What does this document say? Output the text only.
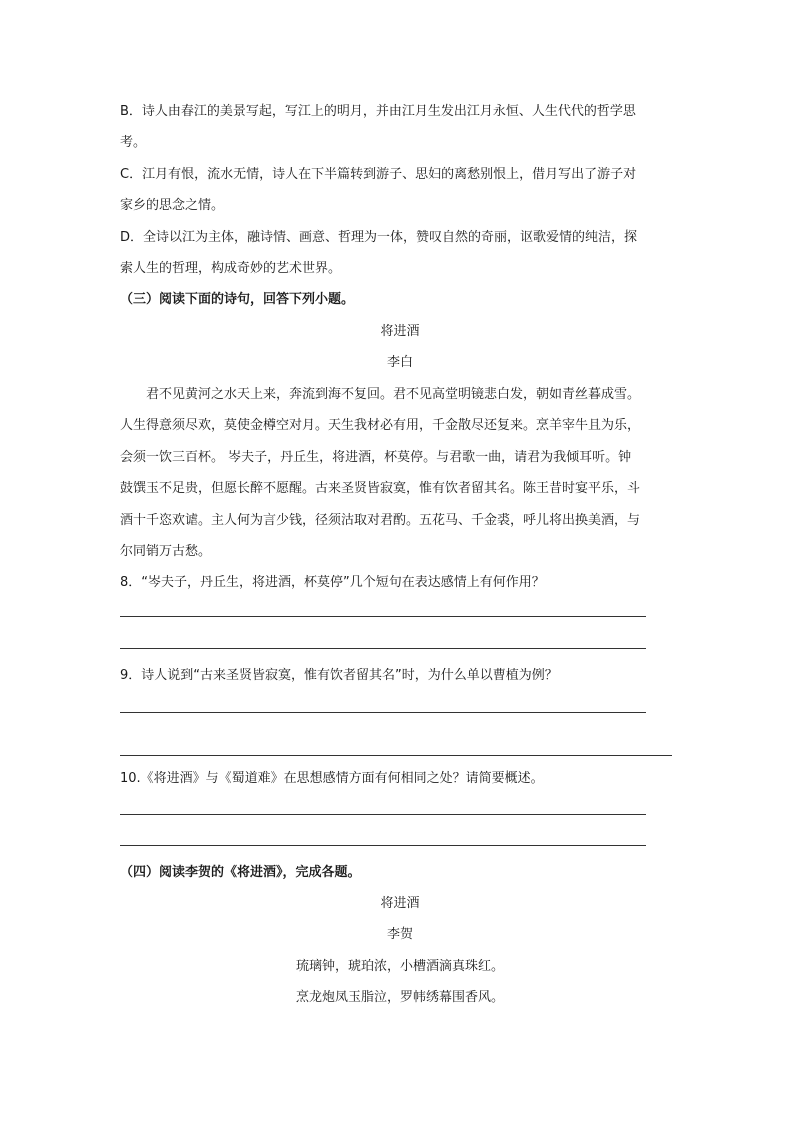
B．诗人由春江的美景写起，写江上的明月，并由江月生发出江月永恒、人生代代的哲学思
考。
C．江月有恨，流水无情，诗人在下半篇转到游子、思妇的离愁别恨上，借月写出了游子对
家乡的思念之情。
D．全诗以江为主体，融诗情、画意、哲理为一体，赞叹自然的奇丽，讴歌爱情的纯洁，探
索人生的哲理，构成奇妙的艺术世界。
（三）阅读下面的诗句，回答下列小题。
将进酒
李白
君不见黄河之水天上来，奔流到海不复回。君不见高堂明镜悲白发，朝如青丝暮成雪。
人生得意须尽欢，莫使金樽空对月。天生我材必有用，千金散尽还复来。烹羊宰牛且为乐，
会须一饮三百杯。 岑夫子，丹丘生，将进酒，杯莫停。与君歌一曲，请君为我倾耳听。钟
鼓馔玉不足贵，但愿长醉不愿醒。古来圣贤皆寂寞，惟有饮者留其名。陈王昔时宴平乐，斗
酒十千恣欢谑。主人何为言少钱，径须沽取对君酌。五花马、千金裘，呼儿将出换美酒，与
尔同销万古愁。
8．“岑夫子，丹丘生，将进酒，杯莫停”几个短句在表达感情上有何作用？
9．诗人说到“古来圣贤皆寂寞，惟有饮者留其名”时，为什么单以曹植为例？
10.《将进酒》与《蜀道难》在思想感情方面有何相同之处？请简要概述。
（四）阅读李贺的《将进酒》，完成各题。
将进酒
李贺
琉璃钟，琥珀浓，小槽酒滴真珠红。
烹龙炮凤玉脂泣，罗帏绣幕围香风。
